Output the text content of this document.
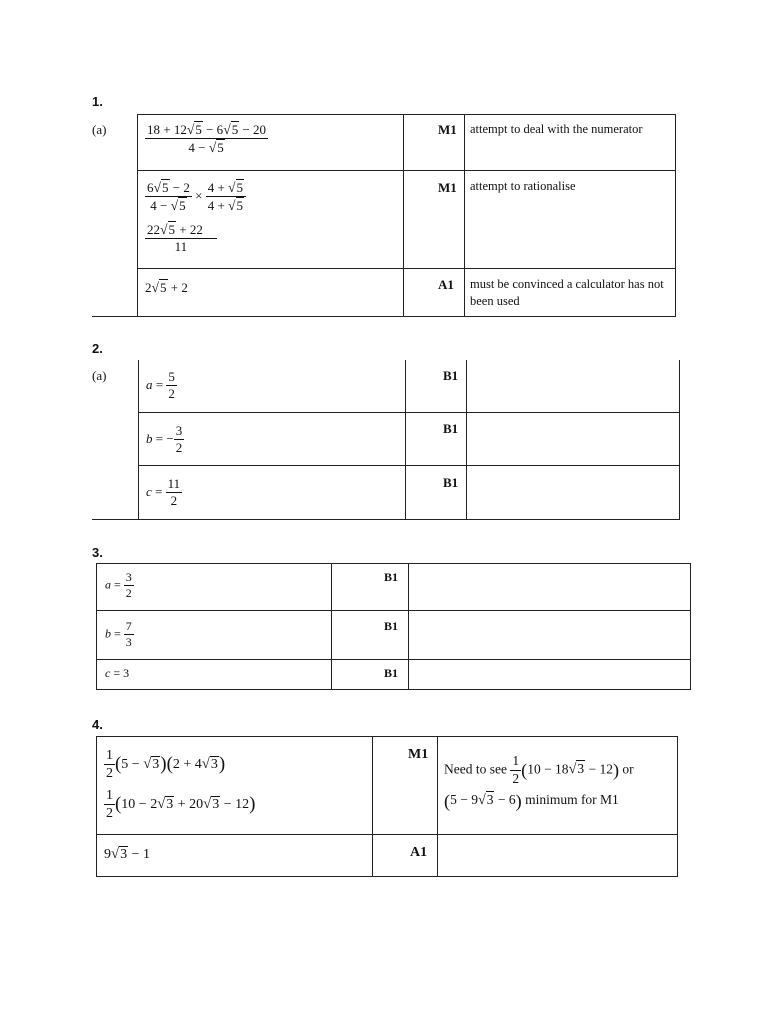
1.
(a)	$\frac{18 + 12√5 - 6√5 - 20}{4 - √5}$	M1 attempt to deal with the numerator
$\frac{6√5 - 2}{4 - √5} \times \frac{4 + √5}{4 + √5}$
$\frac{22√5 + 22}{11}$
M1 attempt to rationalise
2√5 + 2	A1 must be convinced a calculator has not been used
2.
(a)
$a = \frac{5}{2}$	B1
b = − $\frac{3}{2}$	B1
$c = \frac{11}{2}$	B1
3.
$a = \frac{3}{2}$	B1
$b = \frac{7}{3}$	B1
c = 3	B1
4.
$\frac{1}{2} (5 - √3)(2 + 4√3)$
$\frac{1}{2} (10 - 2√3 + 20√3 - 12)$
M1
Need to see $\frac{1}{2} (10 - 18√3 - 12)$ or
(5 − 9√3 − 6) minimum for M1
9√3 − 1	A1
